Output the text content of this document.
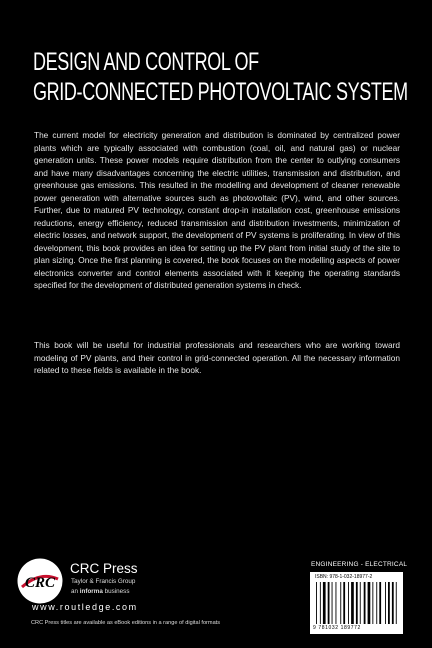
DESIGN AND CONTROL OF
GRID-CONNECTED PHOTOVOLTAIC SYSTEM

The current model for electricity generation and distribution is dominated by centralized power plants which are typically associated with combustion (coal, oil, and natural gas) or nuclear generation units. These power models require distribution from the center to outlying consumers and have many disadvantages concerning the electric utilities, transmission and distribution, and greenhouse gas emissions. This resulted in the modelling and development of cleaner renewable power generation with alternative sources such as photovoltaic (PV), wind, and other sources. Further, due to matured PV technology, constant drop-in installation cost, greenhouse emissions reductions, energy efficiency, reduced transmission and distribution investments, minimization of electric losses, and network support, the development of PV systems is proliferating. In view of this development, this book provides an idea for setting up the PV plant from initial study of the site to plan sizing. Once the first planning is covered, the book focuses on the modelling aspects of power electronics converter and control elements associated with it keeping the operating standards specified for the development of distributed generation systems in check.

This book will be useful for industrial professionals and researchers who are working toward modeling of PV plants, and their control in grid-connected operation. All the necessary information related to these fields is available in the book.

CRC
CRC Press
Taylor & Francis Group
an informa business
www.routledge.com
CRC Press titles are available as eBook editions in a range of digital formats
ENGINEERING - ELECTRICAL
ISBN: 978-1-032-18977-2
9 781032 189772
